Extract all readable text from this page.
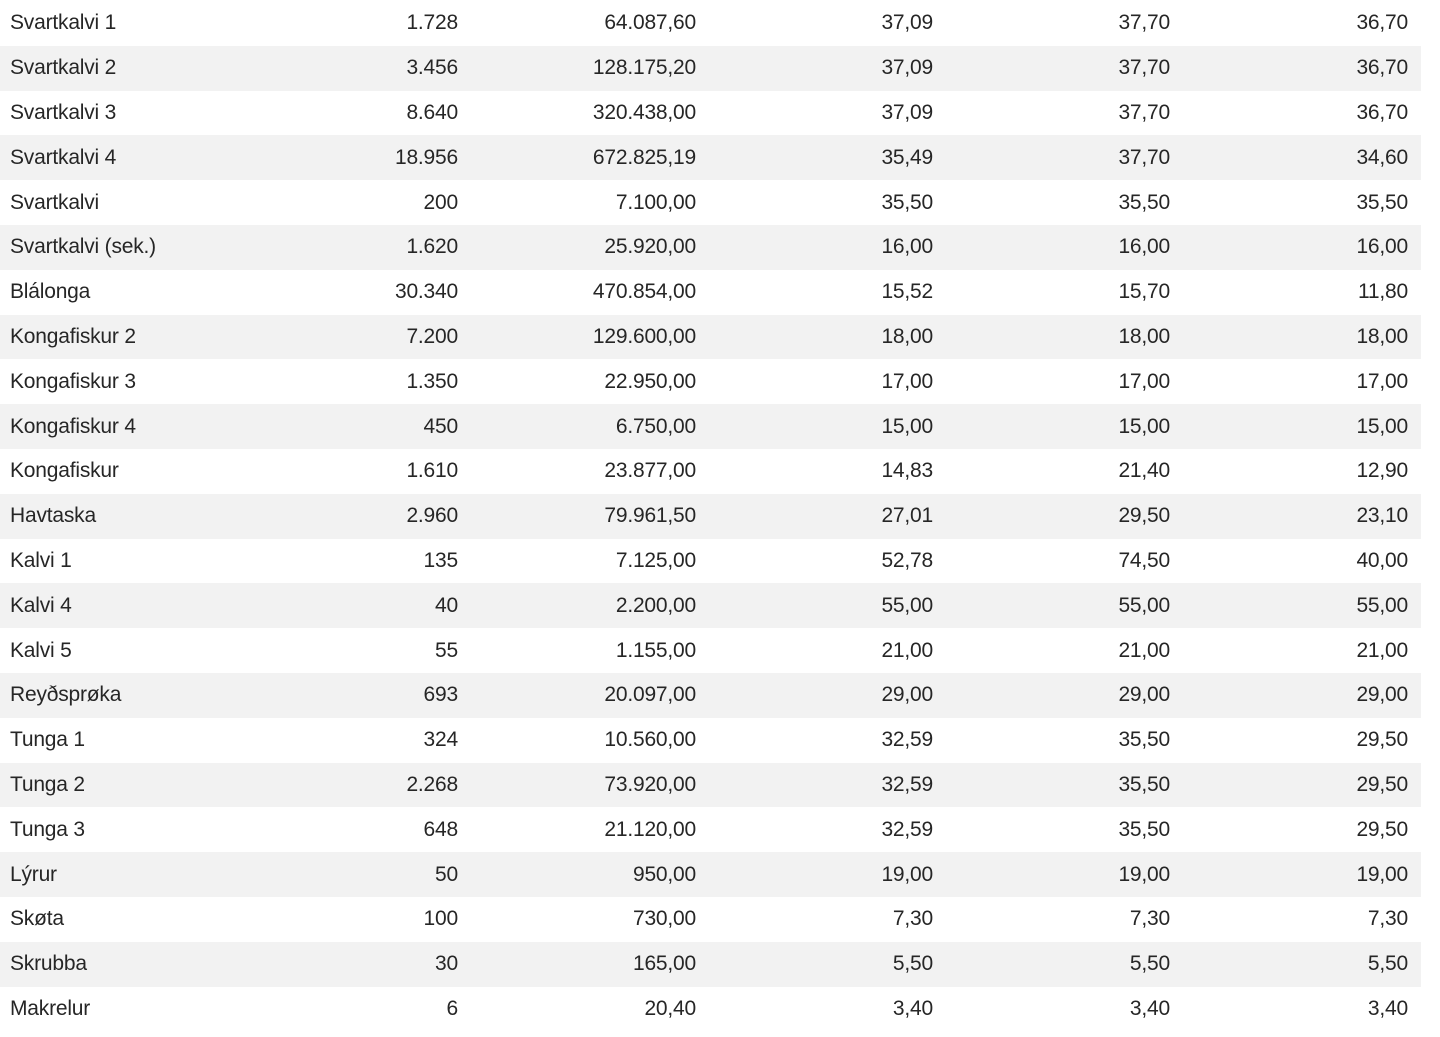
Svartkalvi 1	1.728	64.087,60	37,09	37,70	36,70
Svartkalvi 2	3.456	128.175,20	37,09	37,70	36,70
Svartkalvi 3	8.640	320.438,00	37,09	37,70	36,70
Svartkalvi 4	18.956	672.825,19	35,49	37,70	34,60
Svartkalvi	200	7.100,00	35,50	35,50	35,50
Svartkalvi (sek.)	1.620	25.920,00	16,00	16,00	16,00
Blálonga	30.340	470.854,00	15,52	15,70	11,80
Kongafiskur 2	7.200	129.600,00	18,00	18,00	18,00
Kongafiskur 3	1.350	22.950,00	17,00	17,00	17,00
Kongafiskur 4	450	6.750,00	15,00	15,00	15,00
Kongafiskur	1.610	23.877,00	14,83	21,40	12,90
Havtaska	2.960	79.961,50	27,01	29,50	23,10
Kalvi 1	135	7.125,00	52,78	74,50	40,00
Kalvi 4	40	2.200,00	55,00	55,00	55,00
Kalvi 5	55	1.155,00	21,00	21,00	21,00
Reyðsprøka	693	20.097,00	29,00	29,00	29,00
Tunga 1	324	10.560,00	32,59	35,50	29,50
Tunga 2	2.268	73.920,00	32,59	35,50	29,50
Tunga 3	648	21.120,00	32,59	35,50	29,50
Lýrur	50	950,00	19,00	19,00	19,00
Skøta	100	730,00	7,30	7,30	7,30
Skrubba	30	165,00	5,50	5,50	5,50
Makrelur	6	20,40	3,40	3,40	3,40
